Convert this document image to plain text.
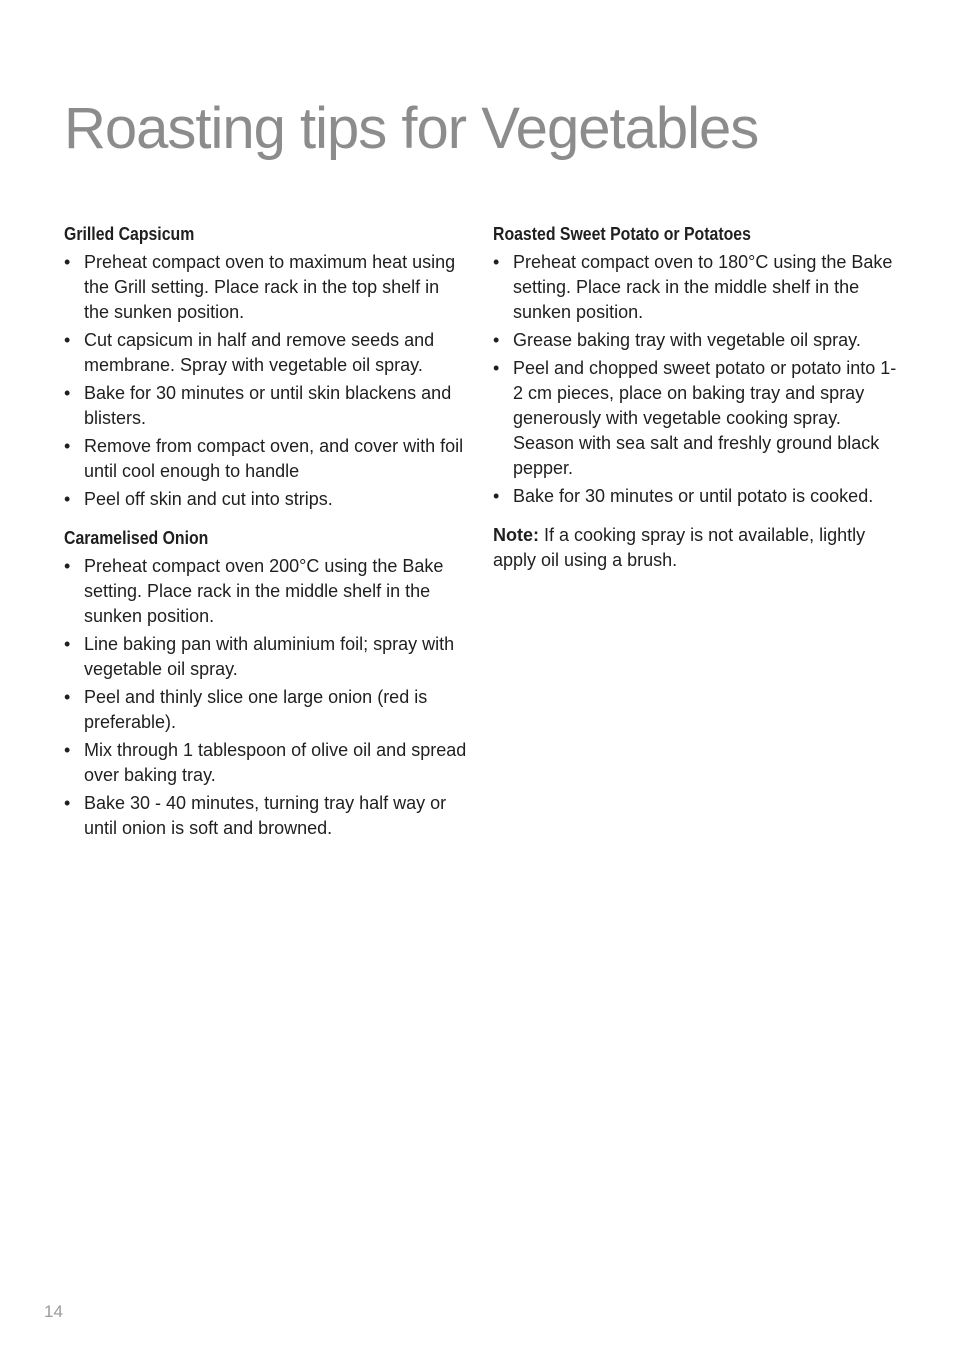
Roasting tips for Vegetables
Grilled Capsicum
• Preheat compact oven to maximum heat using the Grill setting. Place rack in the top shelf in the sunken position.
• Cut capsicum in half and remove seeds and membrane. Spray with vegetable oil spray.
• Bake for 30 minutes or until skin blackens and blisters.
• Remove from compact oven, and cover with foil until cool enough to handle
• Peel off skin and cut into strips.
Caramelised Onion
• Preheat compact oven 200°C using the Bake setting. Place rack in the middle shelf in the sunken position.
• Line baking pan with aluminium foil; spray with vegetable oil spray.
• Peel and thinly slice one large onion (red is preferable).
• Mix through 1 tablespoon of olive oil and spread over baking tray.
• Bake 30 - 40 minutes, turning tray half way or until onion is soft and browned.
Roasted Sweet Potato or Potatoes
• Preheat compact oven to 180°C using the Bake setting. Place rack in the middle shelf in the sunken position.
• Grease baking tray with vegetable oil spray.
• Peel and chopped sweet potato or potato into 1-2 cm pieces, place on baking tray and spray generously with vegetable cooking spray. Season with sea salt and freshly ground black pepper.
• Bake for 30 minutes or until potato is cooked.
Note: If a cooking spray is not available, lightly apply oil using a brush.
14
